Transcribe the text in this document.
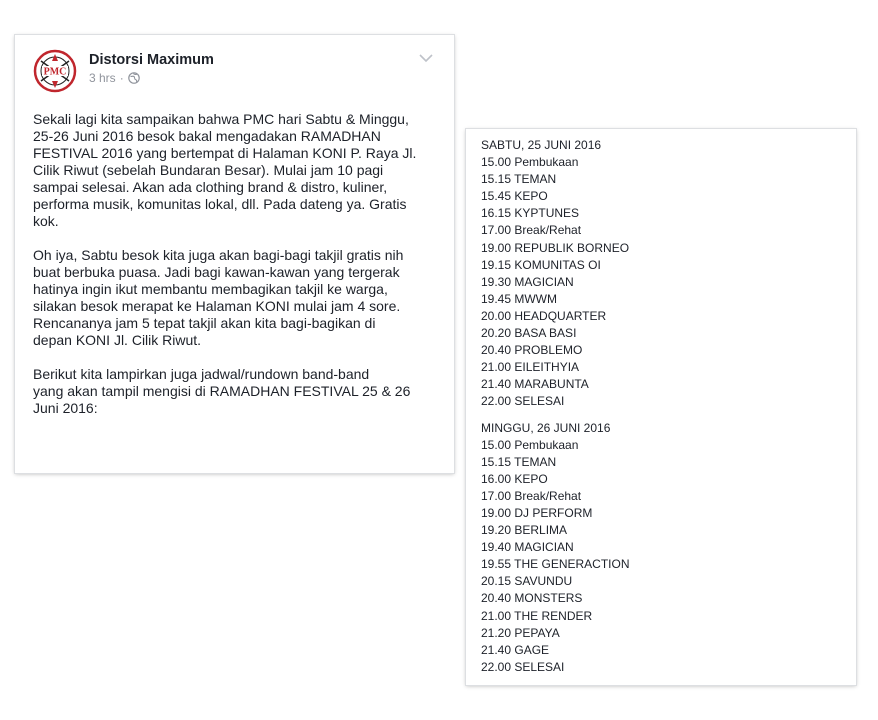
PMC
Distorsi Maximum
3 hrs ·

Sekali lagi kita sampaikan bahwa PMC hari Sabtu & Minggu,
25-26 Juni 2016 besok bakal mengadakan RAMADHAN
FESTIVAL 2016 yang bertempat di Halaman KONI P. Raya Jl.
Cilik Riwut (sebelah Bundaran Besar). Mulai jam 10 pagi
sampai selesai. Akan ada clothing brand & distro, kuliner,
performa musik, komunitas lokal, dll. Pada dateng ya. Gratis
kok.

Oh iya, Sabtu besok kita juga akan bagi-bagi takjil gratis nih
buat berbuka puasa. Jadi bagi kawan-kawan yang tergerak
hatinya ingin ikut membantu membagikan takjil ke warga,
silakan besok merapat ke Halaman KONI mulai jam 4 sore.
Rencananya jam 5 tepat takjil akan kita bagi-bagikan di
depan KONI Jl. Cilik Riwut.

Berikut kita lampirkan juga jadwal/rundown band-band
yang akan tampil mengisi di RAMADHAN FESTIVAL 25 & 26
Juni 2016:

SABTU, 25 JUNI 2016
15.00 Pembukaan
15.15 TEMAN
15.45 KEPO
16.15 KYPTUNES
17.00 Break/Rehat
19.00 REPUBLIK BORNEO
19.15 KOMUNITAS OI
19.30 MAGICIAN
19.45 MWWM
20.00 HEADQUARTER
20.20 BASA BASI
20.40 PROBLEMO
21.00 EILEITHYIA
21.40 MARABUNTA
22.00 SELESAI
MINGGU, 26 JUNI 2016
15.00 Pembukaan
15.15 TEMAN
16.00 KEPO
17.00 Break/Rehat
19.00 DJ PERFORM
19.20 BERLIMA
19.40 MAGICIAN
19.55 THE GENERACTION
20.15 SAVUNDU
20.40 MONSTERS
21.00 THE RENDER
21.20 PEPAYA
21.40 GAGE
22.00 SELESAI
